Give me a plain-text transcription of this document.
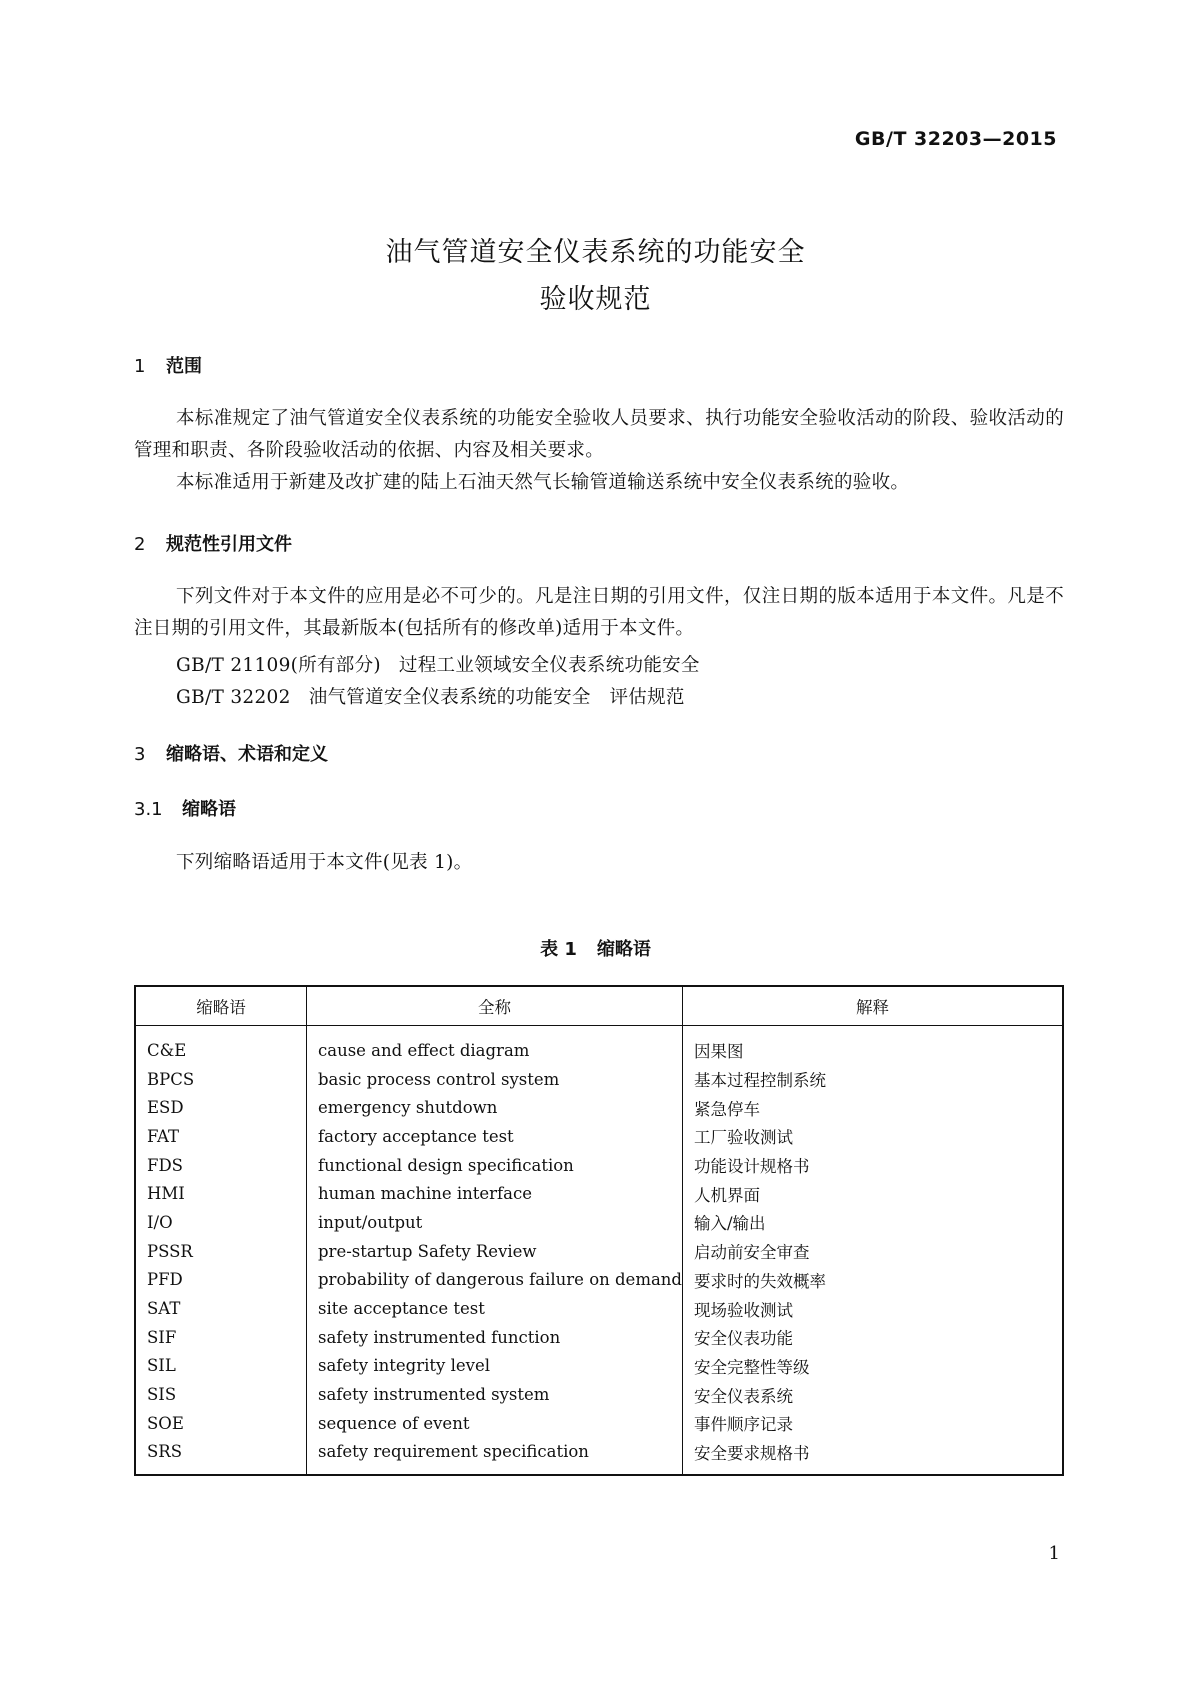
GB/T 32203—2015
油气管道安全仪表系统的功能安全
验收规范
1 范围
本标准规定了油气管道安全仪表系统的功能安全验收人员要求、执行功能安全验收活动的阶段、验收活动的管理和职责、各阶段验收活动的依据、内容及相关要求。
本标准适用于新建及改扩建的陆上石油天然气长输管道输送系统中安全仪表系统的验收。
2 规范性引用文件
下列文件对于本文件的应用是必不可少的。凡是注日期的引用文件，仅注日期的版本适用于本文件。凡是不注日期的引用文件，其最新版本(包括所有的修改单)适用于本文件。
GB/T 21109(所有部分) 过程工业领域安全仪表系统功能安全
GB/T 32202 油气管道安全仪表系统的功能安全　评估规范
3 缩略语、术语和定义
3.1 缩略语
下列缩略语适用于本文件(见表 1)。
表 1 缩略语
缩略语	全称	解释
C&E	cause and effect diagram	因果图
BPCS	basic process control system	基本过程控制系统
ESD	emergency shutdown	紧急停车
FAT	factory acceptance test	工厂验收测试
FDS	functional design specification	功能设计规格书
HMI	human machine interface	人机界面
I/O	input/output	输入/输出
PSSR	pre-startup Safety Review	启动前安全审查
PFD	probability of dangerous failure on demand	要求时的失效概率
SAT	site acceptance test	现场验收测试
SIF	safety instrumented function	安全仪表功能
SIL	safety integrity level	安全完整性等级
SIS	safety instrumented system	安全仪表系统
SOE	sequence of event	事件顺序记录
SRS	safety requirement specification	安全要求规格书
1
